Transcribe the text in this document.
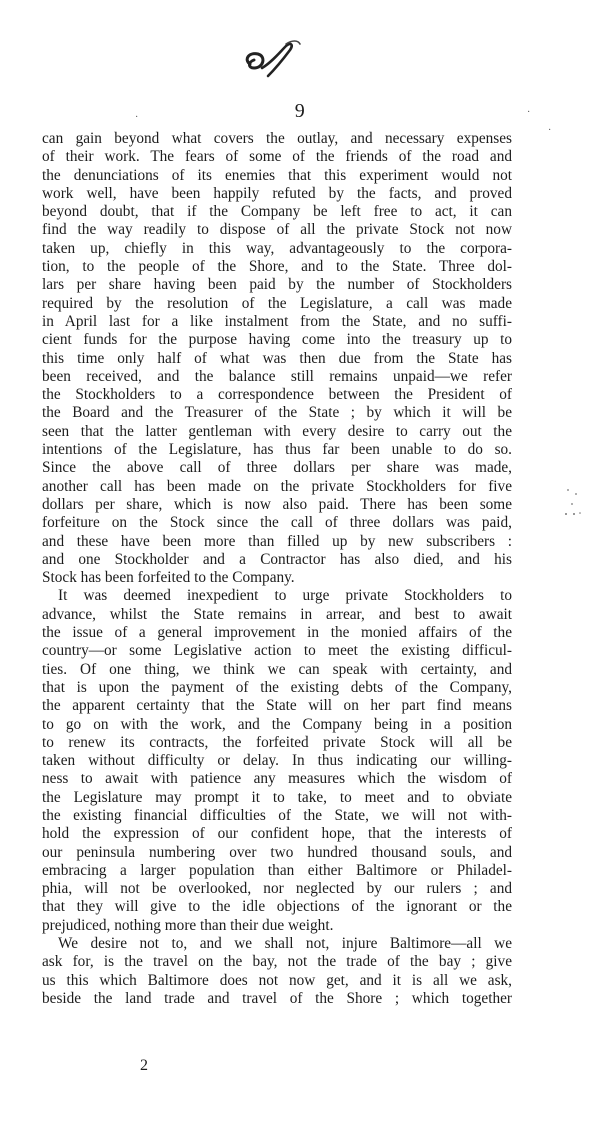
9
·	·
·
can gain beyond what covers the outlay, and necessary expenses
of their work. The fears of some of the friends of the road and
the denunciations of its enemies that this experiment would not
work well, have been happily refuted by the facts, and proved
beyond doubt, that if the Company be left free to act, it can
find the way readily to dispose of all the private Stock not now
taken up, chiefly in this way, advantageously to the corpora-
tion, to the people of the Shore, and to the State. Three dol-
lars per share having been paid by the number of Stockholders
required by the resolution of the Legislature, a call was made
in April last for a like instalment from the State, and no suffi-
cient funds for the purpose having come into the treasury up to
this time only half of what was then due from the State has
been received, and the balance still remains unpaid—we refer
the Stockholders to a correspondence between the President of
the Board and the Treasurer of the State ; by which it will be
seen that the latter gentleman with every desire to carry out the
intentions of the Legislature, has thus far been unable to do so.
Since the above call of three dollars per share was made,
another call has been made on the private Stockholders for five
dollars per share, which is now also paid. There has been some
forfeiture on the Stock since the call of three dollars was paid,
and these have been more than filled up by new subscribers :
and one Stockholder and a Contractor has also died, and his
Stock has been forfeited to the Company.
It was deemed inexpedient to urge private Stockholders to
advance, whilst the State remains in arrear, and best to await
the issue of a general improvement in the monied affairs of the
country—or some Legislative action to meet the existing difficul-
ties. Of one thing, we think we can speak with certainty, and
that is upon the payment of the existing debts of the Company,
the apparent certainty that the State will on her part find means
to go on with the work, and the Company being in a position
to renew its contracts, the forfeited private Stock will all be
taken without difficulty or delay. In thus indicating our willing-
ness to await with patience any measures which the wisdom of
the Legislature may prompt it to take, to meet and to obviate
the existing financial difficulties of the State, we will not with-
hold the expression of our confident hope, that the interests of
our peninsula numbering over two hundred thousand souls, and
embracing a larger population than either Baltimore or Philadel-
phia, will not be overlooked, nor neglected by our rulers ; and
that they will give to the idle objections of the ignorant or the
prejudiced, nothing more than their due weight.
We desire not to, and we shall not, injure Baltimore—all we
ask for, is the travel on the bay, not the trade of the bay ; give
us this which Baltimore does not now get, and it is all we ask,
beside the land trade and travel of the Shore ; which together
2
